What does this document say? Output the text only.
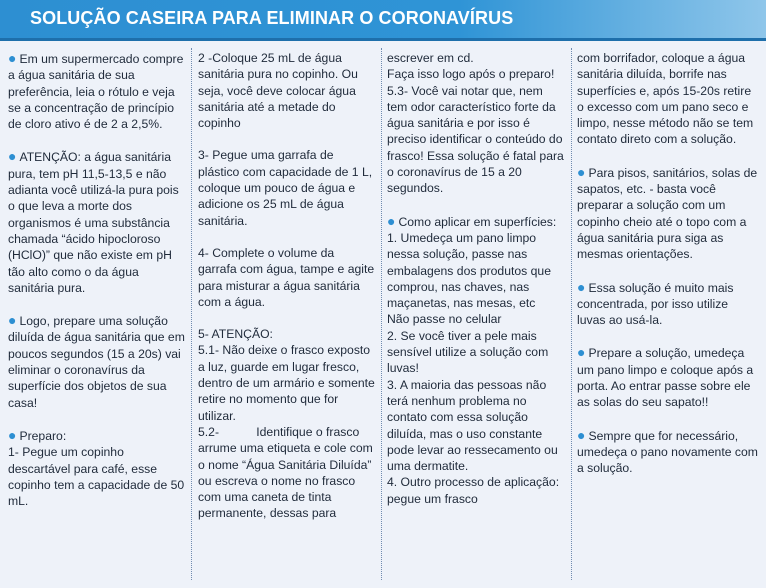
SOLUÇÃO CASEIRA PARA ELIMINAR O CORONAVÍRUS

● Em um supermercado compre a água sanitária de sua preferência, leia o rótulo e veja se a concentração de princípio de cloro ativo é de 2 a 2,5%.

● ATENÇÃO: a água sanitária pura, tem pH 11,5-13,5 e não adianta você utilizá-la pura pois o que leva a morte dos organismos é uma substância chamada “ácido hipocloroso (HClO)” que não existe em pH tão alto como o da água sanitária pura.

● Logo, prepare uma solução diluída de água sanitária que em poucos segundos (15 a 20s) vai eliminar o coronavírus da superfície dos objetos de sua casa!

● Preparo:
1- Pegue um copinho descartável para café, esse copinho tem a capacidade de 50 mL.

2 -Coloque 25 mL de água sanitária pura no copinho. Ou seja, você deve colocar água sanitária até a metade do copinho

3- Pegue uma garrafa de plástico com capacidade de 1 L, coloque um pouco de água e adicione os 25 mL de água sanitária.

4- Complete o volume da garrafa com água, tampe e agite para misturar a água sanitária com a água.

5- ATENÇÃO:
5.1- Não deixe o frasco exposto a luz, guarde em lugar fresco, dentro de um armário e somente retire no momento que for utilizar.
5.2-           Identifique o frasco arrume uma etiqueta e cole com o nome “Água Sanitária Diluída” ou escreva o nome no frasco com uma caneta de tinta permanente, dessas para

escrever em cd.
Faça isso logo após o preparo!
5.3- Você vai notar que, nem tem odor característico forte da água sanitária e por isso é preciso identificar o conteúdo do frasco! Essa solução é fatal para o coronavírus de 15 a 20 segundos.

● Como aplicar em superfícies:
1. Umedeça um pano limpo nessa solução, passe nas embalagens dos produtos que comprou, nas chaves, nas maçanetas, nas mesas, etc
Não passe no celular
2. Se você tiver a pele mais sensível utilize a solução com luvas!
3. A maioria das pessoas não terá nenhum problema no contato com essa solução diluída, mas o uso constante pode levar ao ressecamento ou uma dermatite.
4. Outro processo de aplicação: pegue um frasco

com borrifador, coloque a água sanitária diluída, borrife nas superfícies e, após 15-20s retire o excesso com um pano seco e limpo, nesse método não se tem contato direto com a solução.

● Para pisos, sanitários, solas de sapatos, etc. - basta você preparar a solução com um copinho cheio até o topo com a água sanitária pura siga as mesmas orientações.

● Essa solução é muito mais concentrada, por isso utilize luvas ao usá-la.

● Prepare a solução, umedeça um pano limpo e coloque após a porta. Ao entrar passe sobre ele as solas do seu sapato!!

● Sempre que for necessário, umedeça o pano novamente com a solução.
